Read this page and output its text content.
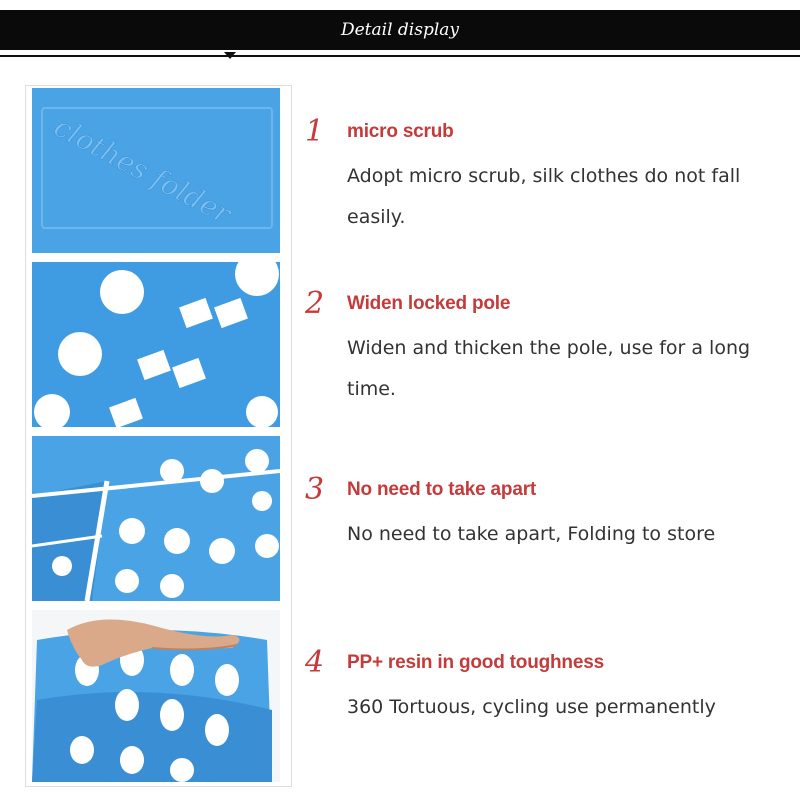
Detail display
clothes folder 1 micro scrub
Adopt micro scrub, silk clothes do not fall easily.
2 Widen locked pole
Widen and thicken the pole, use for a long time.
3 No need to take apart
No need to take apart, Folding to store
4 PP+ resin in good toughness
360 Tortuous, cycling use permanently
